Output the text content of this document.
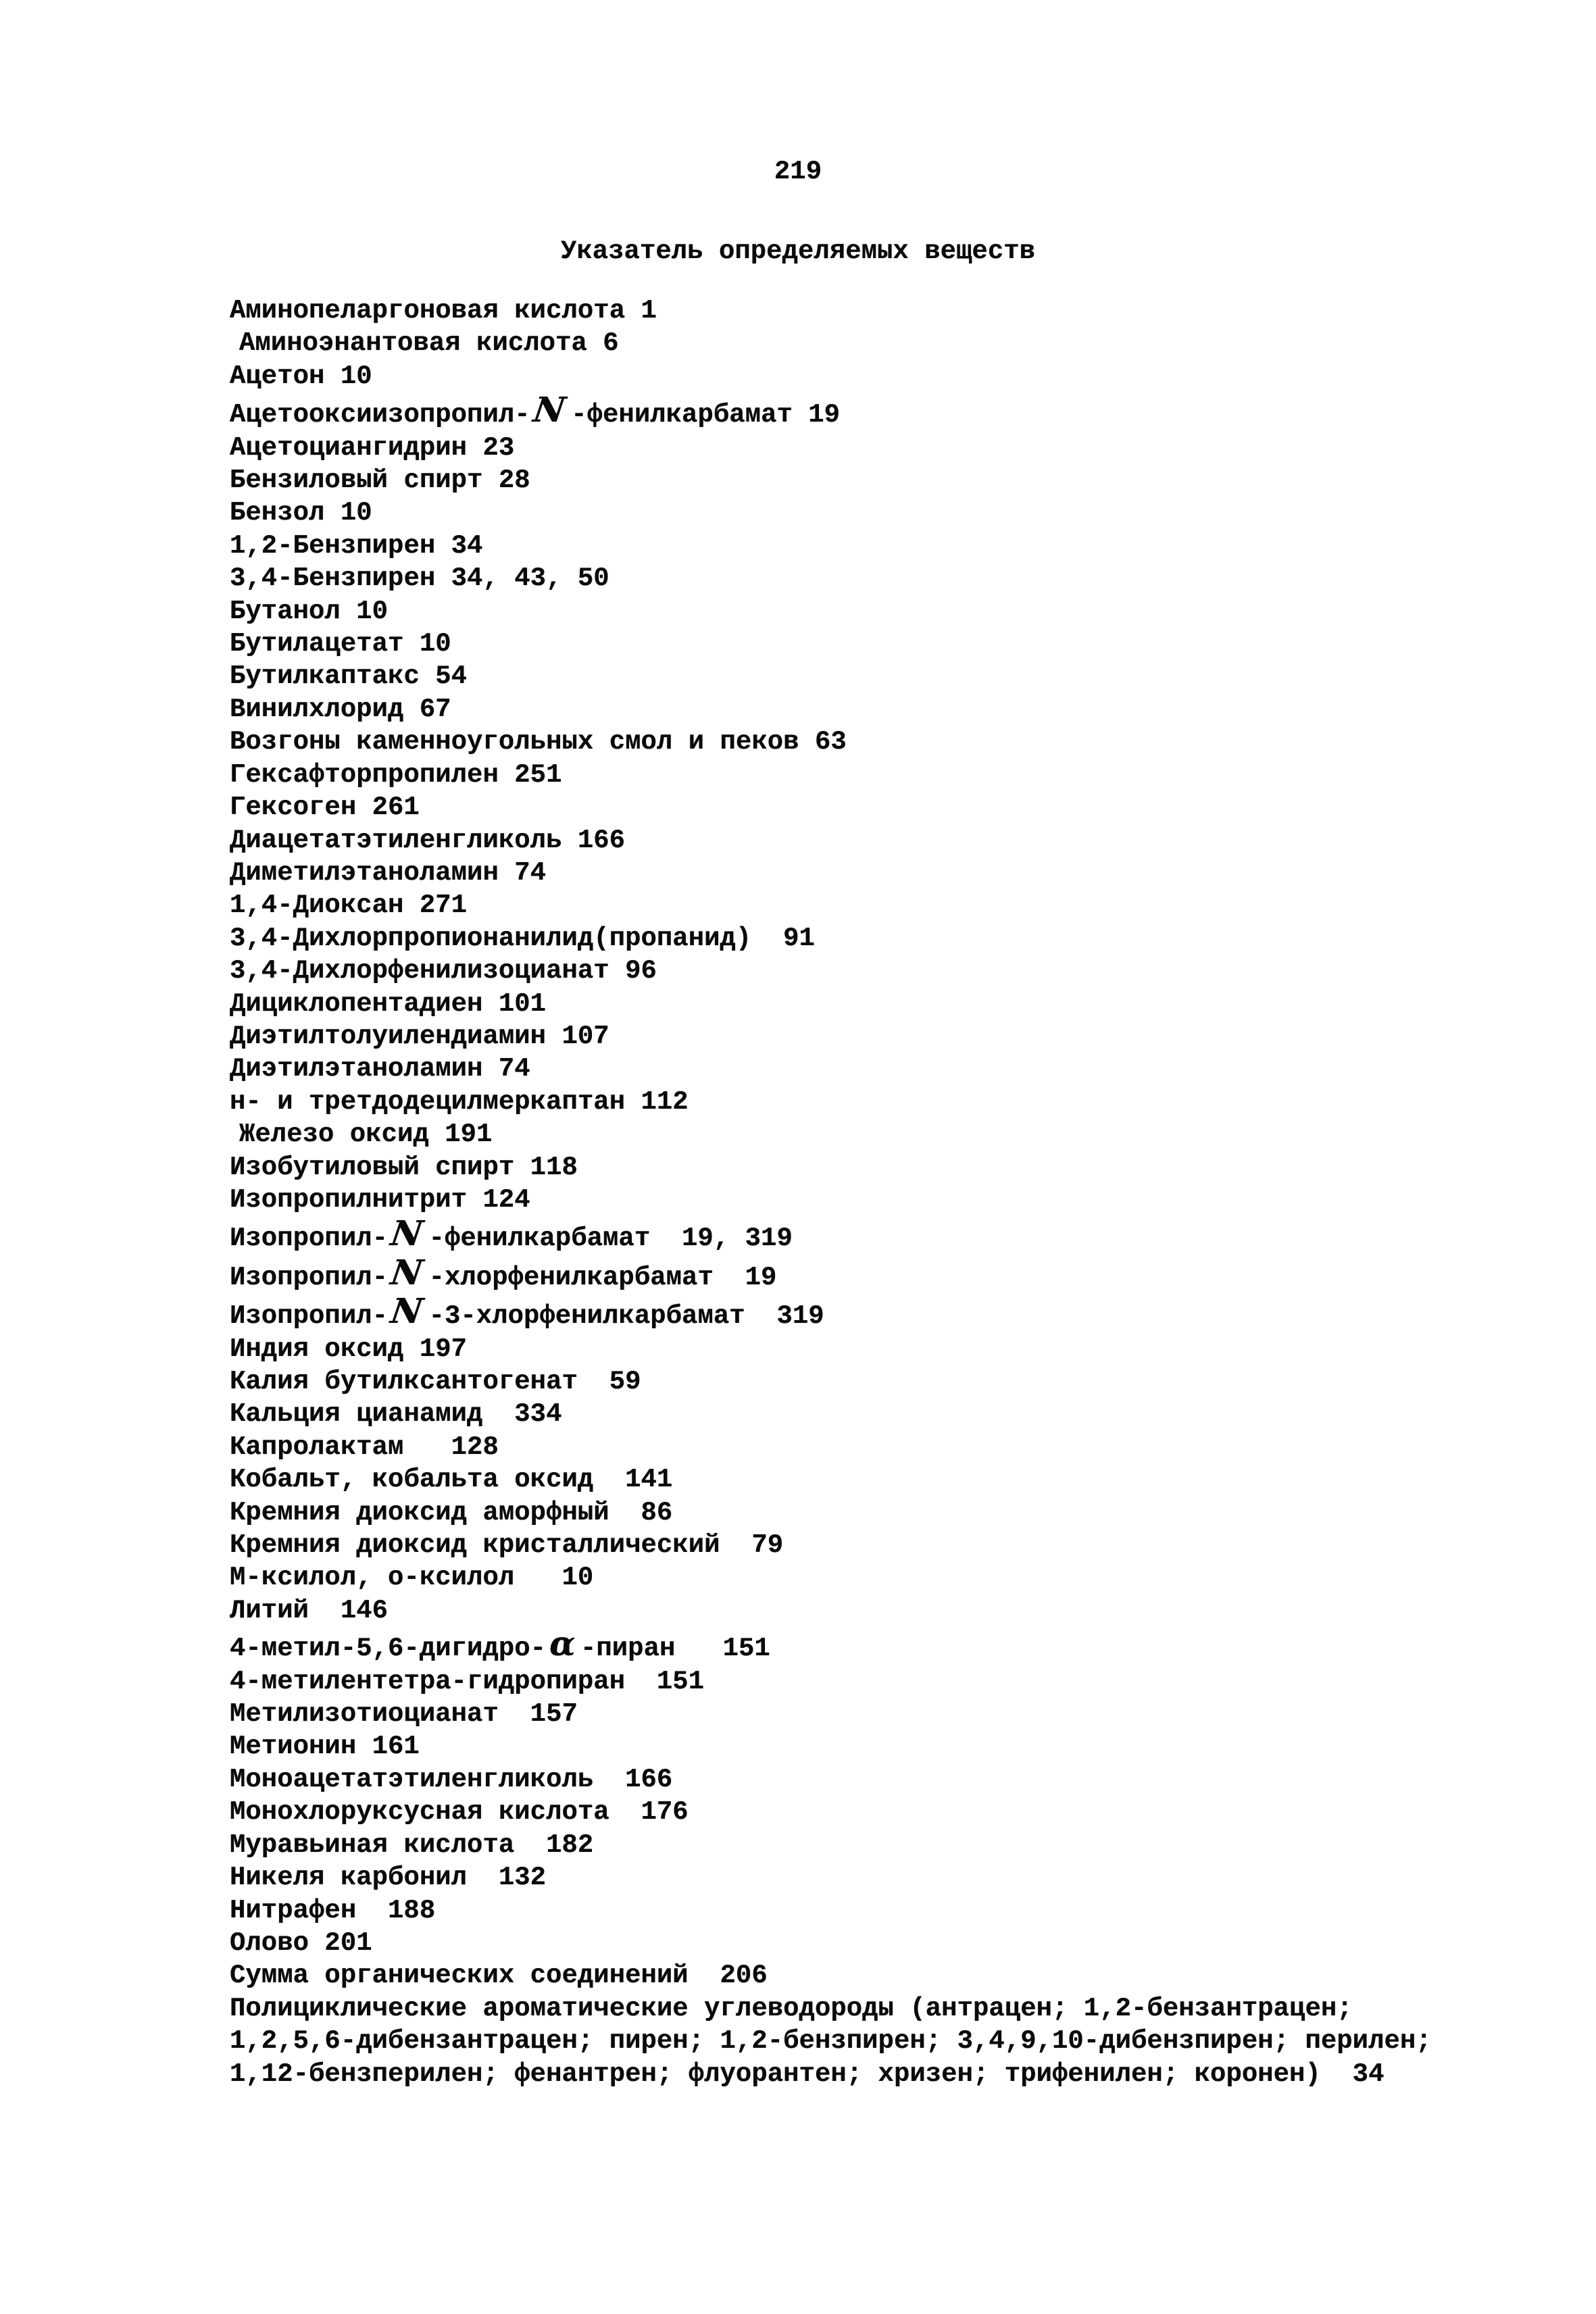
219
Указатель определяемых веществ
Аминопеларгоновая кислота 1
Аминоэнантовая кислота 6
Ацетон 10
Ацетооксиизопропил-N -фенилкарбамат 19
Ацетоциангидрин 23
Бензиловый спирт 28
Бензол 10
1,2-Бензпирен 34
3,4-Бензпирен 34, 43, 50
Бутанол 10
Бутилацетат 10
Бутилкаптакс 54
Винилхлорид 67
Возгоны каменноугольных смол и пеков 63
Гексафторпропилен 251
Гексоген 261
Диацетатэтиленгликоль 166
Диметилэтаноламин 74
1,4-Диоксан 271
3,4-Дихлорпропионанилид(пропанид) 91
3,4-Дихлорфенилизоцианат 96
Дициклопентадиен 101
Диэтилтолуилендиамин 107
Диэтилэтаноламин 74
н- и третдодецилмеркаптан 112
Железо оксид 191
Изобутиловый спирт 118
Изопропилнитрит 124
Изопропил-N -фенилкарбамат 19, 319
Изопропил-N -хлорфенилкарбамат 19
Изопропил-N -3-хлорфенилкарбамат 319
Индия оксид 197
Калия бутилксантогенат 59
Кальция цианамид 334
Капролактам 128
Кобальт, кобальта оксид 141
Кремния диоксид аморфный 86
Кремния диоксид кристаллический 79
М-ксилол, о-ксилол 10
Литий 146
4-метил-5,6-дигидро-α -пиран 151
4-метилентетра-гидропиран 151
Метилизотиоцианат 157
Метионин 161
Моноацетатэтиленгликоль 166
Монохлоруксусная кислота 176
Муравьиная кислота 182
Никеля карбонил 132
Нитрафен 188
Олово 201
Сумма органических соединений 206
Полициклические ароматические углеводороды (антрацен; 1,2-бензантрацен;
1,2,5,6-дибензантрацен; пирен; 1,2-бензпирен; 3,4,9,10-дибензпирен; перилен;
1,12-бензперилен; фенантрен; флуорантен; хризен; трифенилен; коронен) 34
